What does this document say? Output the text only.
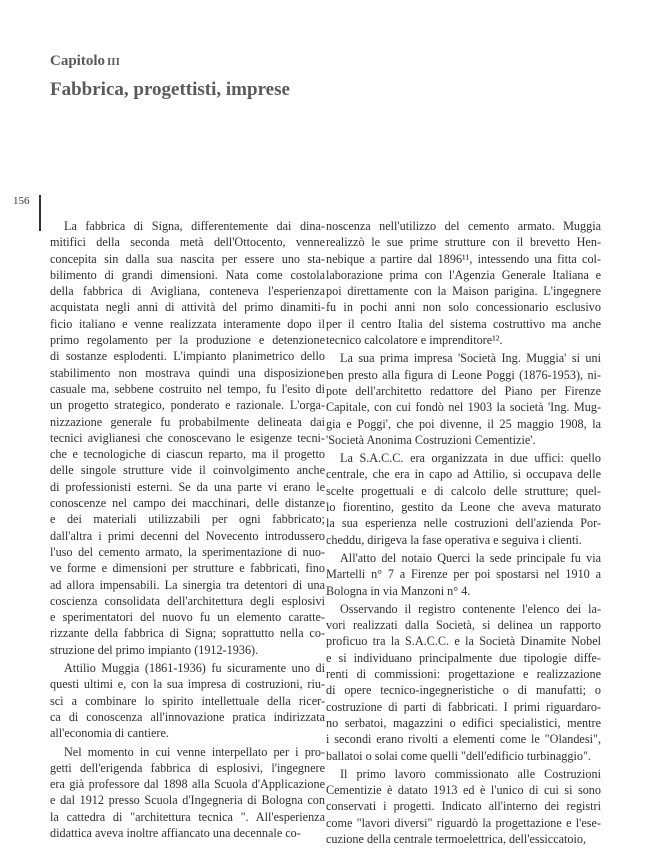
Capitolo III
Fabbrica, progettisti, imprese
156

La fabbrica di Signa, differentemente dai dina-
mitifici della seconda metà dell'Ottocento, venne
concepita sin dalla sua nascita per essere uno sta-
bilimento di grandi dimensioni. Nata come costola
della fabbrica di Avigliana, conteneva l'esperienza
acquistata negli anni di attività del primo dinamiti-
ficio italiano e venne realizzata interamente dopo il
primo regolamento per la produzione e detenzione
di sostanze esplodenti. L'impianto planimetrico dello
stabilimento non mostrava quindi una disposizione
casuale ma, sebbene costruito nel tempo, fu l'esito di
un progetto strategico, ponderato e razionale. L'orga-
nizzazione generale fu probabilmente delineata dai
tecnici aviglianesi che conoscevano le esigenze tecni-
che e tecnologiche di ciascun reparto, ma il progetto
delle singole strutture vide il coinvolgimento anche
di professionisti esterni. Se da una parte vi erano le
conoscenze nel campo dei macchinari, delle distanze
e dei materiali utilizzabili per ogni fabbricato;
dall'altra i primi decenni del Novecento introdussero
l'uso del cemento armato, la sperimentazione di nuo-
ve forme e dimensioni per strutture e fabbricati, fino
ad allora impensabili. La sinergia tra detentori di una
coscienza consolidata dell'architettura degli esplosivi
e sperimentatori del nuovo fu un elemento caratte-
rizzante della fabbrica di Signa; soprattutto nella co-
struzione del primo impianto (1912-1936).

Attilio Muggia (1861-1936) fu sicuramente uno di
questi ultimi e, con la sua impresa di costruzioni, riu-
scì a combinare lo spirito intellettuale della ricer-
ca di conoscenza all'innovazione pratica indirizzata
all'economia di cantiere.

Nel momento in cui venne interpellato per i pro-
getti dell'erigenda fabbrica di esplosivi, l'ingegnere
era già professore dal 1898 alla Scuola d'Applicazione
e dal 1912 presso Scuola d'Ingegneria di Bologna con
la cattedra di "architettura tecnica ". All'esperienza
didattica aveva inoltre affiancato una decennale co-

noscenza nell'utilizzo del cemento armato. Muggia
realizzò le sue prime strutture con il brevetto Hen-
nebique a partire dal 1896¹¹, intessendo una fitta col-
laborazione prima con l'Agenzia Generale Italiana e
poi direttamente con la Maison parigina. L'ingegnere
fu in pochi anni non solo concessionario esclusivo
per il centro Italia del sistema costruttivo ma anche
tecnico calcolatore e imprenditore¹².

La sua prima impresa 'Società Ing. Muggia' si uni
ben presto alla figura di Leone Poggi (1876-1953), ni-
pote dell'architetto redattore del Piano per Firenze
Capitale, con cui fondò nel 1903 la società 'Ing. Mug-
gia e Poggi', che poi divenne, il 25 maggio 1908, la
'Società Anonima Costruzioni Cementizie'.

La S.A.C.C. era organizzata in due uffici: quello
centrale, che era in capo ad Attilio, si occupava delle
scelte progettuali e di calcolo delle strutture; quel-
lo fiorentino, gestito da Leone che aveva maturato
la sua esperienza nelle costruzioni dell'azienda Por-
cheddu, dirigeva la fase operativa e seguiva i clienti.

All'atto del notaio Querci la sede principale fu via
Martelli n° 7 a Firenze per poi spostarsi nel 1910 a
Bologna in via Manzoni n° 4.

Osservando il registro contenente l'elenco dei la-
vori realizzati dalla Società, si delinea un rapporto
proficuo tra la S.A.C.C. e la Società Dinamite Nobel
e si individuano principalmente due tipologie diffe-
renti di commissioni: progettazione e realizzazione
di opere tecnico-ingegneristiche o di manufatti; o
costruzione di parti di fabbricati. I primi riguardaro-
no serbatoi, magazzini o edifici specialistici, mentre
i secondi erano rivolti a elementi come le "Olandesi",
ballatoi o solai come quelli "dell'edificio turbinaggio".

Il primo lavoro commissionato alle Costruzioni
Cementizie è datato 1913 ed è l'unico di cui si sono
conservati i progetti. Indicato all'interno dei registri
come "lavori diversi" riguardò la progettazione e l'ese-
cuzione della centrale termoelettrica, dell'essiccatoio,
